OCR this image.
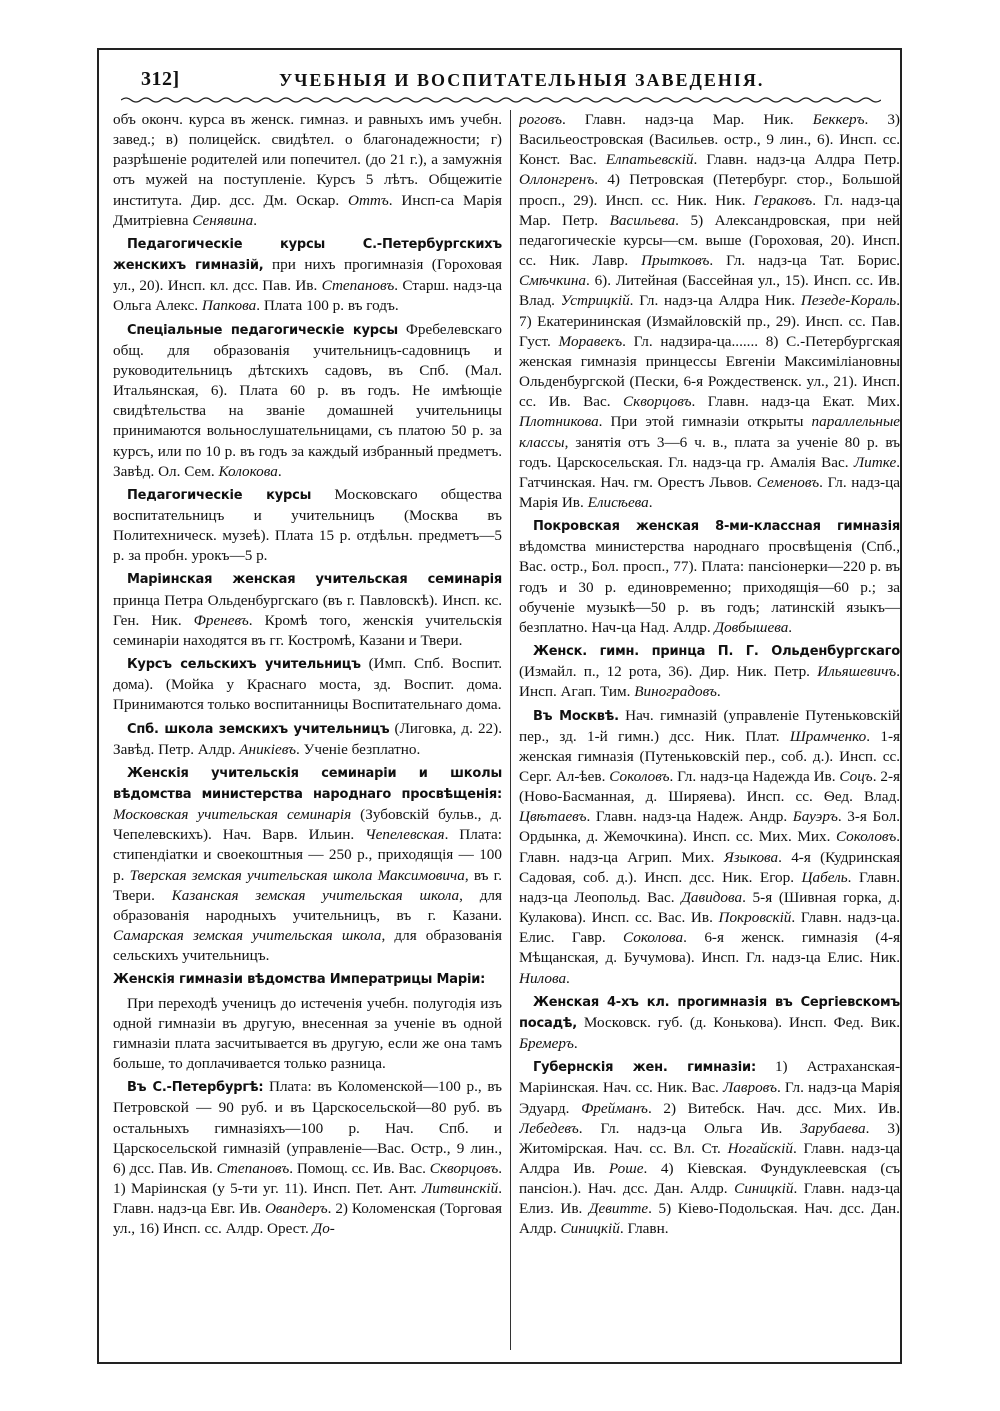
312]	УЧЕБНЫЯ И ВОСПИТАТЕЛЬНЫЯ ЗАВЕДЕНІЯ.

объ оконч. курса въ женск. гимназ. и равныхъ имъ учебн. завед.; в) полицейск. свидѣтел. о благонадежности; г) разрѣшеніе родителей или попечител. (до 21 г.), а замужнія отъ мужей на поступленіе. Курсъ 5 лѣтъ. Общежитіе института. Дир. дсс. Дм. Оскар. Оттъ. Инсп-са Марія Дмитріевна Сенявина.

Педагогическіе курсы С.-Петербургскихъ женскихъ гимназій, при нихъ прогимназія (Гороховая ул., 20). Инсп. кл. дсс. Пав. Ив. Степановъ. Старш. надз-ца Ольга Алекс. Папкова. Плата 100 р. въ годъ.

Спеціальные педагогическіе курсы Фребелевскаго общ. для образованія учительницъ-садовницъ и руководительницъ дѣтскихъ садовъ, въ Спб. (Мал. Итальянская, 6). Плата 60 р. въ годъ. Не имѣющіе свидѣтельства на званіе домашней учительницы принимаются вольнослушательницами, съ платою 50 р. за курсъ, или по 10 р. въ годъ за каждый избранный предметъ. Завѣд. Ол. Сем. Колокова.

Педагогическіе курсы Московскаго общества воспитательницъ и учительницъ (Москва въ Политехническ. музеѣ). Плата 15 р. отдѣльн. предметъ—5 р. за пробн. урокъ—5 р.

Маріинская женская учительская семинарія принца Петра Ольденбургскаго (въ г. Павловскѣ). Инсп. кс. Ген. Ник. Френевъ. Кромѣ того, женскія учительскія семинаріи находятся въ гг. Костромѣ, Казани и Твери.

Курсъ сельскихъ учительницъ (Имп. Спб. Воспит. дома). (Мойка у Краснаго моста, зд. Воспит. дома. Принимаются только воспитанницы Воспитательнаго дома.

Спб. школа земскихъ учительницъ (Лиговка, д. 22). Завѣд. Петр. Алдр. Аникіевъ. Ученіе безплатно.

Женскія учительскія семинаріи и школы вѣдомства министерства народнаго просвѣщенія: Московская учительская семинарія (Зубовскій бульв., д. Чепелевскихъ). Нач. Варв. Ильин. Чепелевская. Плата: стипендіатки и своекоштныя — 250 р., приходящія — 100 р. Тверская земская учительская школа Максимовича, въ г. Твери. Казанская земская учительская школа, для образованія народныхъ учительницъ, въ г. Казани. Самарская земская учительская школа, для образованія сельскихъ учительницъ.

Женскія гимназіи вѣдомства Императрицы Маріи:

При переходѣ ученицъ до истеченія учебн. полугодія изъ одной гимназіи въ другую, внесенная за ученіе въ одной гимназіи плата засчитывается въ другую, если же она тамъ больше, то доплачивается только разница.

Въ С.-Петербургѣ: Плата: въ Коломенской—100 р., въ Петровской — 90 руб. и въ Царскосельской—80 руб. въ остальныхъ гимназіяхъ—100 р. Нач. Спб. и Царскосельской гимназій (управленіе—Вас. Остр., 9 лин., 6) дсс. Пав. Ив. Степановъ. Помощ. сс. Ив. Вас. Скворцовъ. 1) Маріинская (у 5-ти уг. 11). Инсп. Пет. Ант. Литвинскій. Главн. надз-ца Евг. Ив. Овандеръ. 2) Коломенская (Торговая ул., 16) Инсп. сс. Алдр. Орест. До-

роговъ. Главн. надз-ца Мар. Ник. Беккеръ. 3) Васильеостровская (Васильев. остр., 9 лин., 6). Инсп. сс. Конст. Вас. Елпатьевскій. Главн. надз-ца Алдра Петр. Оллонгренъ. 4) Петровская (Петербург. стор., Большой просп., 29). Инсп. сс. Ник. Ник. Гераковъ. Гл. надз-ца Мар. Петр. Васильева. 5) Александровская, при ней педагогическіе курсы—см. выше (Гороховая, 20). Инсп. сс. Ник. Лавр. Прытковъ. Гл. надз-ца Тат. Борис. Смѣчкина. 6). Литейная (Бассейная ул., 15). Инсп. сс. Ив. Влад. Устрицкій. Гл. надз-ца Алдра Ник. Пезеде-Кораль. 7) Екатерининская (Измайловскій пр., 29). Инсп. сс. Пав. Густ. Моравекъ. Гл. надзира-ца....... 8) С.-Петербургская женская гимназія принцессы Евгеніи Максиміліановны Ольденбургской (Пески, 6-я Рождественск. ул., 21). Инсп. сс. Ив. Вас. Скворцовъ. Главн. надз-ца Екат. Мих. Плотникова. При этой гимназіи открыты параллельные классы, занятія отъ 3—6 ч. в., плата за ученіе 80 р. въ годъ. Царскосельская. Гл. надз-ца гр. Амалія Вас. Литке. Гатчинская. Нач. гм. Орестъ Львов. Семеновъ. Гл. надз-ца Марія Ив. Елисѣева.

Покровская женская 8-ми-классная гимназія вѣдомства министерства народнаго просвѣщенія (Спб., Вас. остр., Бол. просп., 77). Плата: пансіонерки—220 р. въ годъ и 30 р. единовременно; приходящія—60 р.; за обученіе музыкѣ—50 р. въ годъ; латинскій языкъ—безплатно. Нач-ца Над. Алдр. Довбышева.

Женск. гимн. принца П. Г. Ольденбургскаго (Измайл. п., 12 рота, 36). Дир. Ник. Петр. Ильяшевичъ. Инсп. Агап. Тим. Виноградовъ.

Въ Москвѣ. Нач. гимназій (управленіе Путеньковскій пер., зд. 1-й гимн.) дсс. Ник. Плат. Шрамченко. 1-я женская гимназія (Путеньковскій пер., соб. д.). Инсп. сс. Серг. Ал-ѣев. Соколовъ. Гл. надз-ца Надежда Ив. Соцъ. 2-я (Ново-Басманная, д. Ширяева). Инсп. сс. Ѳед. Влад. Цвѣтаевъ. Главн. надз-ца Надеж. Андр. Бауэръ. 3-я Бол. Ордынка, д. Жемочкина). Инсп. сс. Мих. Мих. Соколовъ. Главн. надз-ца Агрип. Мих. Языкова. 4-я (Кудринская Садовая, соб. д.). Инсп. дсс. Ник. Егор. Цабель. Главн. надз-ца Леопольд. Вас. Давидова. 5-я (Шивная горка, д. Кулакова). Инсп. сс. Вас. Ив. Покровскій. Главн. надз-ца. Елис. Гавр. Соколова. 6-я женск. гимназія (4-я Мѣщанская, д. Бучумова). Инсп. Гл. надз-ца Елис. Ник. Нилова.

Женская 4-хъ кл. прогимназія въ Сергіевскомъ посадѣ, Московск. губ. (д. Конькова). Инсп. Фед. Вик. Бремеръ.

Губернскія жен. гимназіи: 1) Астраханская-Маріинская. Нач. сс. Ник. Вас. Лавровъ. Гл. надз-ца Марія Эдуард. Фрейманъ. 2) Витебск. Нач. дсс. Мих. Ив. Лебедевъ. Гл. надз-ца Ольга Ив. Зарубаева. 3) Житомірская. Нач. сс. Вл. Ст. Ногайскій. Главн. надз-ца Алдра Ив. Роше. 4) Кіевская. Фундуклеевская (съ пансіон.). Нач. дсс. Дан. Алдр. Синицкій. Главн. надз-ца Елиз. Ив. Девитте. 5) Кіево-Подольская. Нач. дсс. Дан. Алдр. Синицкій. Главн.
